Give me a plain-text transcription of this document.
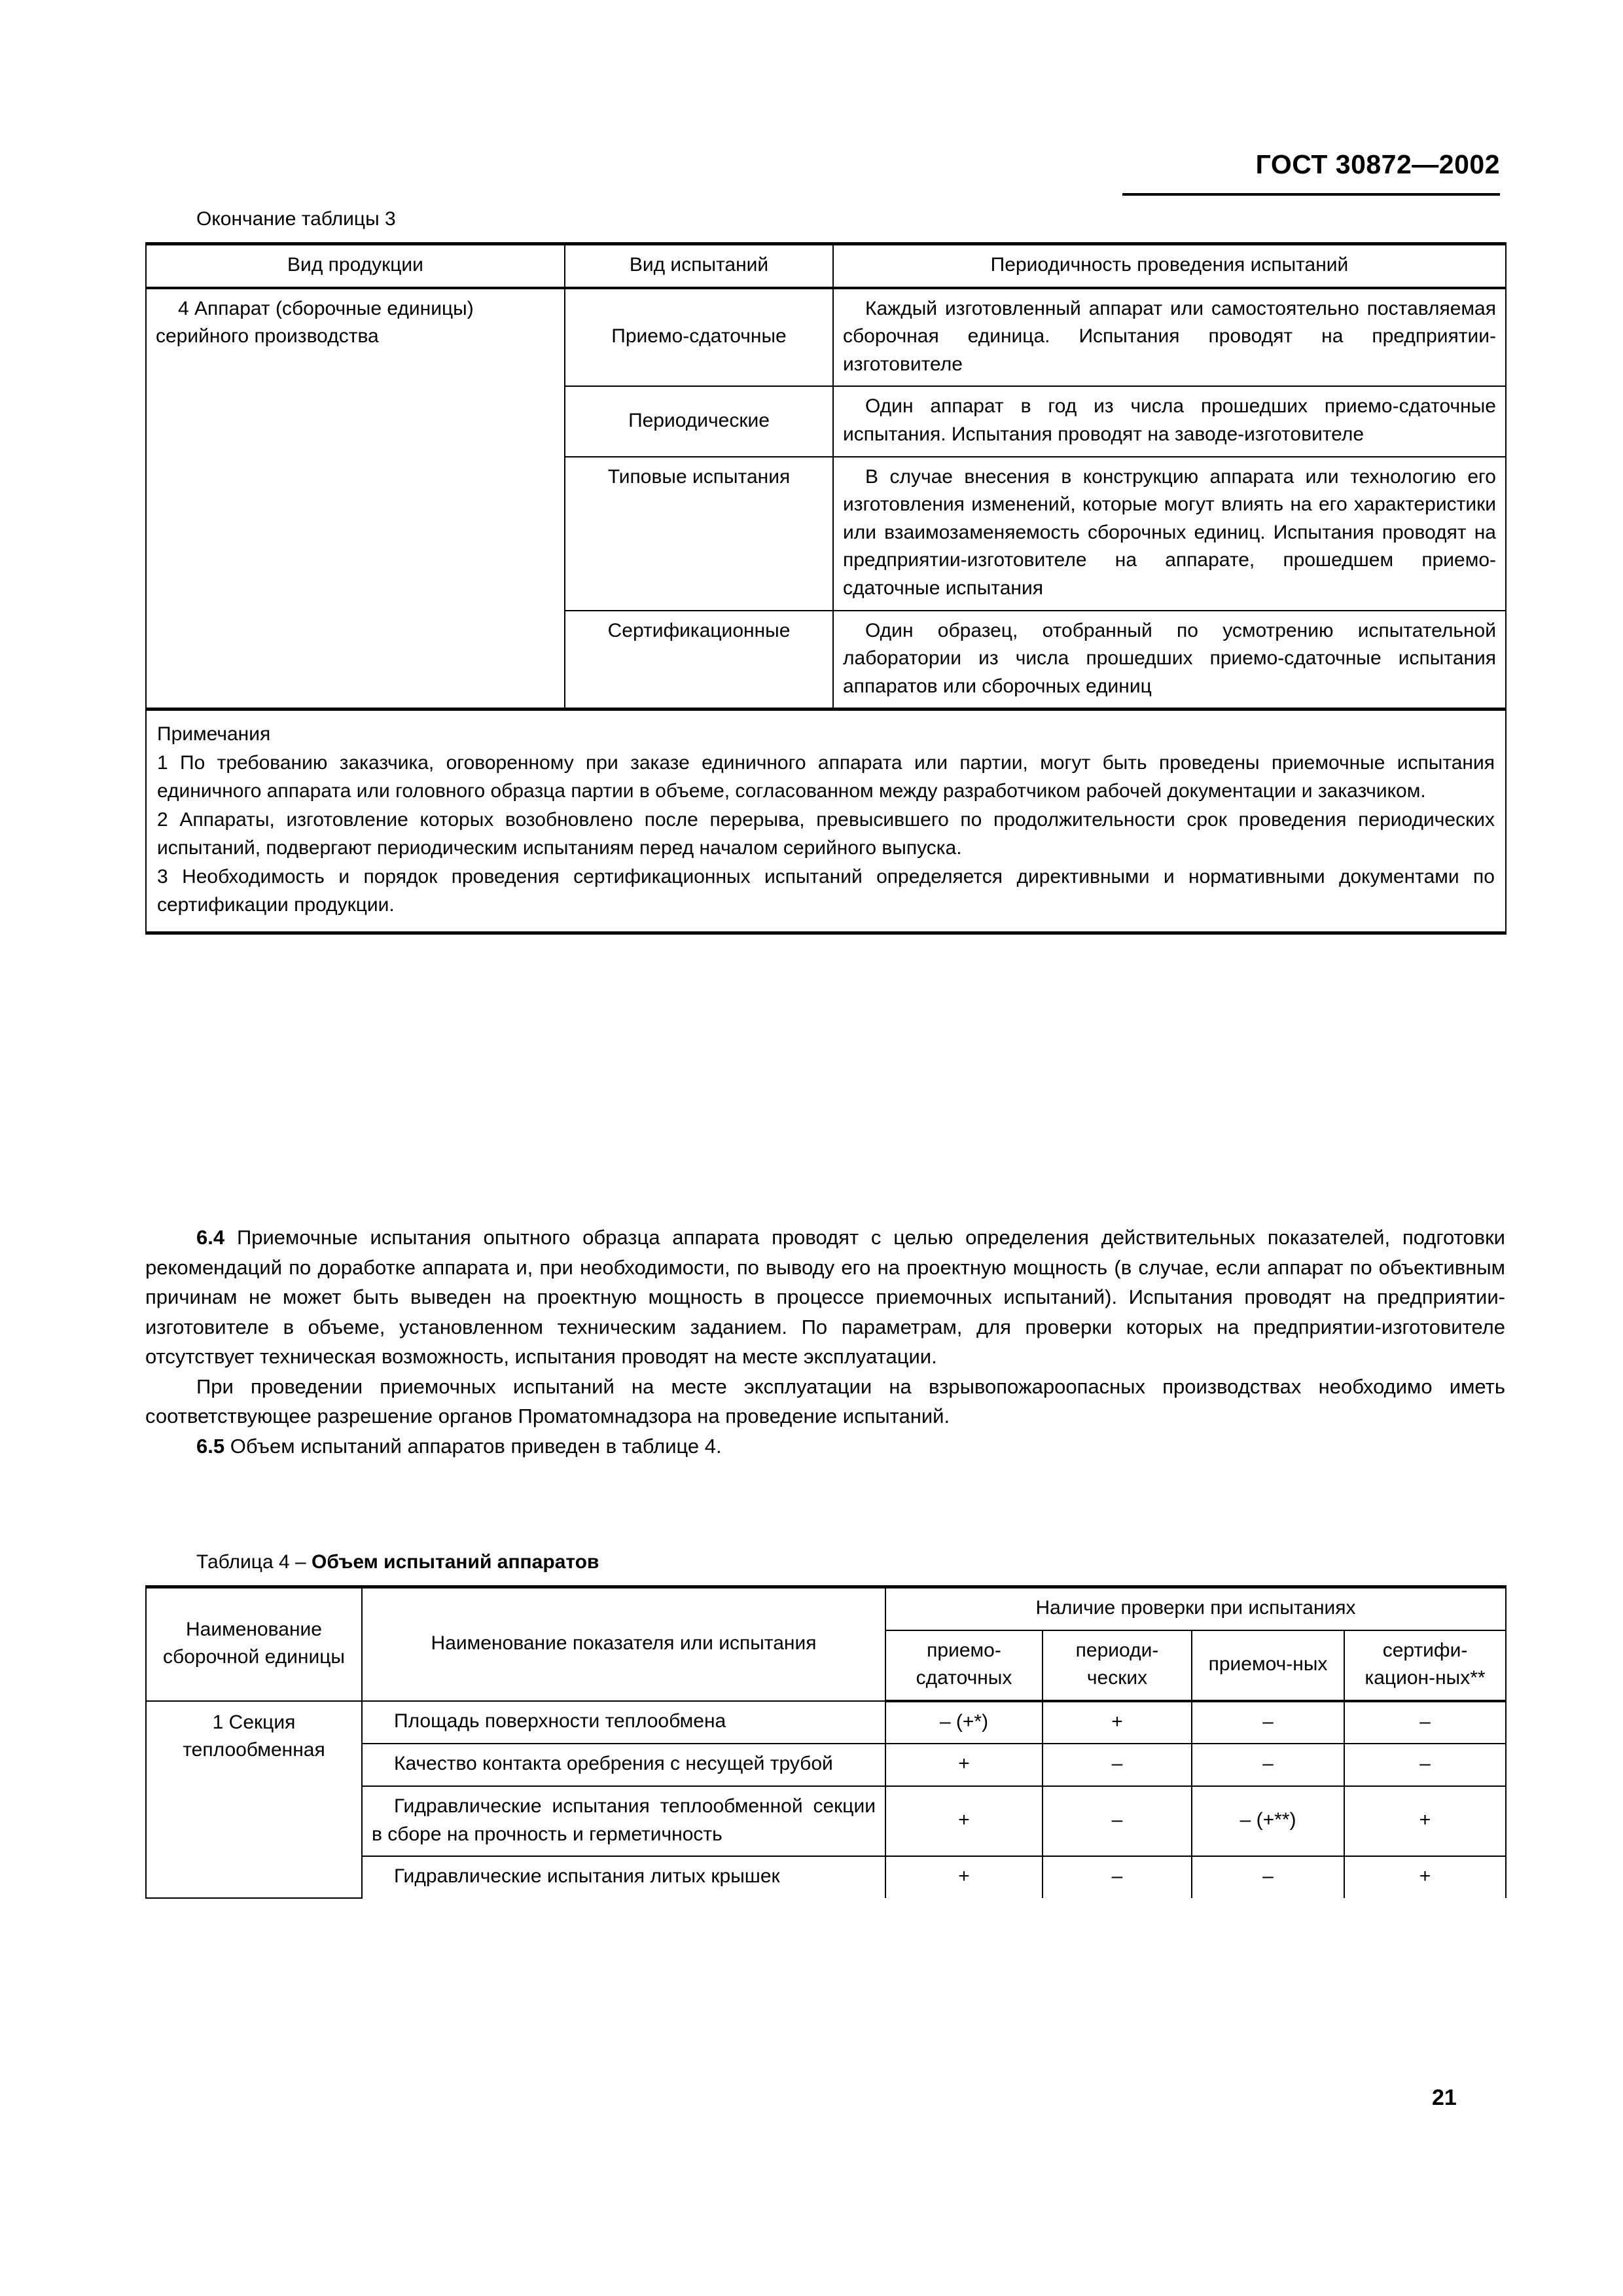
ГОСТ 30872—2002
Окончание таблицы 3
Вид продукции	Вид испытаний	Периодичность проведения испытаний
4 Аппарат (сборочные единицы) серийного производства	Приемо-сдаточные	Каждый изготовленный аппарат или самостоятельно поставляемая сборочная единица. Испытания проводят на предприятии-изготовителе
	Периодические	Один аппарат в год из числа прошедших приемо-сдаточные испытания. Испытания проводят на заводе-изготовителе
	Типовые испытания	В случае внесения в конструкцию аппарата или технологию его изготовления изменений, которые могут влиять на его характеристики или взаимозаменяемость сборочных единиц. Испытания проводят на предприятии-изготовителе на аппарате, прошедшем приемо-сдаточные испытания
	Сертификационные	Один образец, отобранный по усмотрению испытательной лаборатории из числа прошедших приемо-сдаточные испытания аппаратов или сборочных единиц

Примечания

1 По требованию заказчика, оговоренному при заказе единичного аппарата или партии, могут быть проведены приемочные испытания единичного аппарата или головного образца партии в объеме, согласованном между разработчиком рабочей документации и заказчиком.

2 Аппараты, изготовление которых возобновлено после перерыва, превысившего по продолжительности срок проведения периодических испытаний, подвергают периодическим испытаниям перед началом серийного выпуска.

3 Необходимость и порядок проведения сертификационных испытаний определяется директивными и нормативными документами по сертификации продукции.		

6.4 Приемочные испытания опытного образца аппарата проводят с целью определения действительных показателей, подготовки рекомендаций по доработке аппарата и, при необходимости, по выводу его на проектную мощность (в случае, если аппарат по объективным причинам не может быть выведен на проектную мощность в процессе приемочных испытаний). Испытания проводят на предприятии-изготовителе в объеме, установленном техническим заданием. По параметрам, для проверки которых на предприятии-изготовителе отсутствует техническая возможность, испытания проводят на месте эксплуатации.

При проведении приемочных испытаний на месте эксплуатации на взрывопожароопасных производствах необходимо иметь соответствующее разрешение органов Проматомнадзора на проведение испытаний.

6.5 Объем испытаний аппаратов приведен в таблице 4.

Таблица 4 – Объем испытаний аппаратов
Наименование сборочной единицы	Наименование показателя или испытания	Наличие проверки при испытаниях			
		приемо-сдаточных	периоди-ческих	приемоч-ных	сертифи-кацион-ных**
1 Секция теплообменная	Площадь поверхности теплообмена	– (+*)	+	–	–
	Качество контакта оребрения с несущей трубой	+	–	–	–
	Гидравлические испытания теплообменной секции в сборе на прочность и герметичность	+	–	– (+**)	+
	Гидравлические испытания литых крышек	+	–	–	+
21
